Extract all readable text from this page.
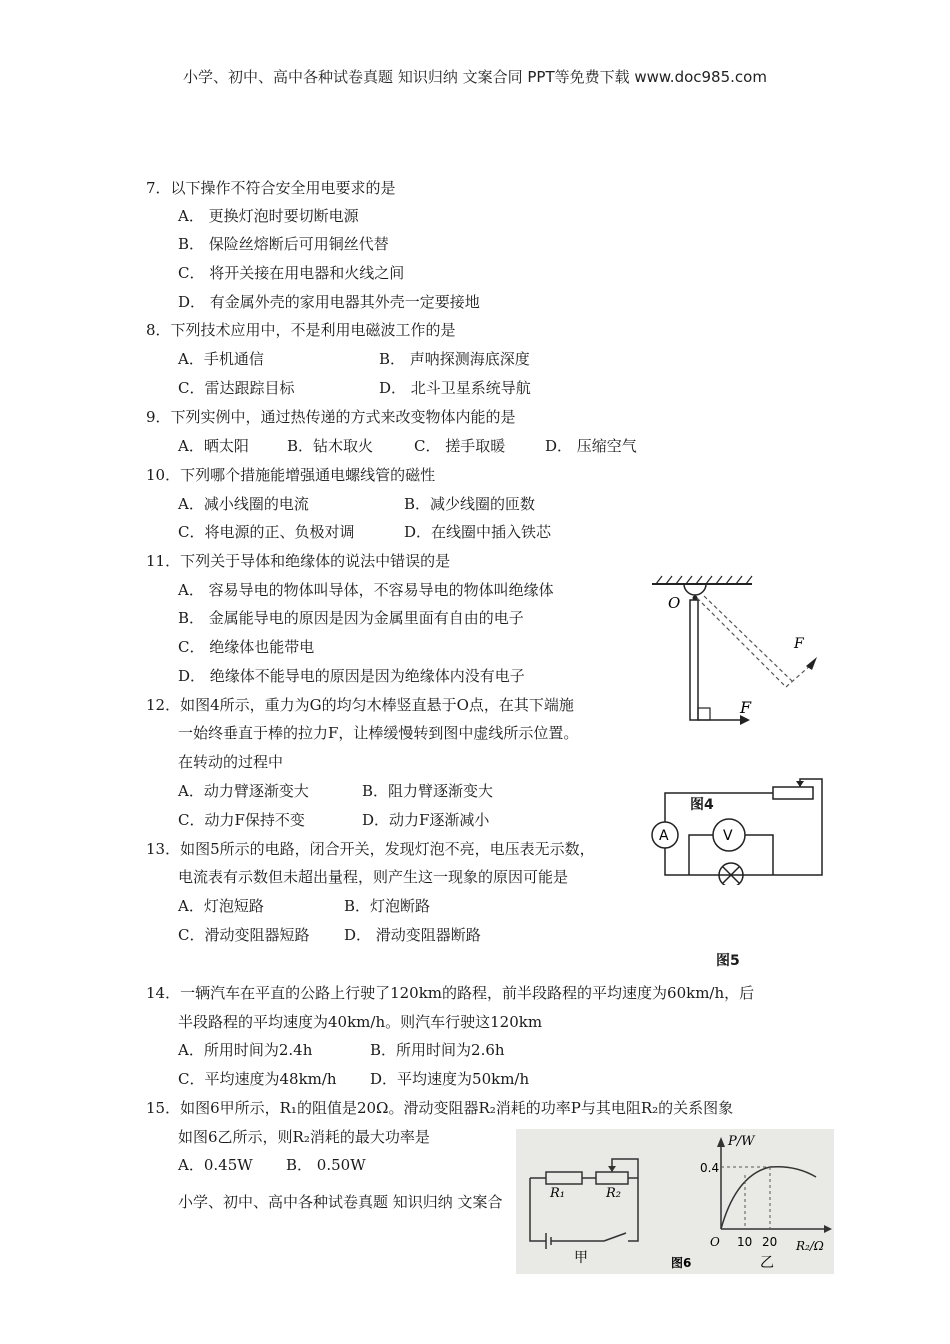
小学、初中、高中各种试卷真题 知识归纳 文案合同 PPT等免费下载 www.doc985.com
7．以下操作不符合安全用电要求的是
A． 更换灯泡时要切断电源
B． 保险丝熔断后可用铜丝代替
C． 将开关接在用电器和火线之间
D． 有金属外壳的家用电器其外壳一定要接地
8．下列技术应用中，不是利用电磁波工作的是
A．手机通信	B． 声呐探测海底深度
C．雷达跟踪目标	D． 北斗卫星系统导航
9．下列实例中，通过热传递的方式来改变物体内能的是
A．晒太阳	B．钻木取火	C． 搓手取暖	D． 压缩空气
10．下列哪个措施能增强通电螺线管的磁性
A．减小线圈的电流	B．减少线圈的匝数
C．将电源的正、负极对调	D．在线圈中插入铁芯
11．下列关于导体和绝缘体的说法中错误的是
A． 容易导电的物体叫导体，不容易导电的物体叫绝缘体
B． 金属能导电的原因是因为金属里面有自由的电子
C． 绝缘体也能带电
D． 绝缘体不能导电的原因是因为绝缘体内没有电子
12．如图4所示，重力为G的均匀木棒竖直悬于O点，在其下端施
一始终垂直于棒的拉力F，让棒缓慢转到图中虚线所示位置。
在转动的过程中
A．动力臂逐渐变大	B．阻力臂逐渐变大
C．动力F保持不变	D．动力F逐渐减小
13．如图5所示的电路，闭合开关，发现灯泡不亮，电压表无示数，
电流表有示数但未超出量程，则产生这一现象的原因可能是
A．灯泡短路	B．灯泡断路
C．滑动变阻器短路 D． 滑动变阻器断路
14．一辆汽车在平直的公路上行驶了120km的路程，前半段路程的平均速度为60km/h，后
半段路程的平均速度为40km/h。则汽车行驶这120km
A．所用时间为2.4h	B．所用时间为2.6h
C．平均速度为48km/h D．平均速度为50km/h
15．如图6甲所示，R₁的阻值是20Ω。滑动变阻器R₂消耗的功率P与其电阻R₂的关系图象
如图6乙所示，则R₂消耗的最大功率是
A．0.45W B． 0.50W
小学、初中、高中各种试卷真题 知识归纳 文案合
O
F
F
图4
A	V
图5
R₁	R₂
甲
P/W
0.4
10 20
O	R₂/Ω
乙
图6
